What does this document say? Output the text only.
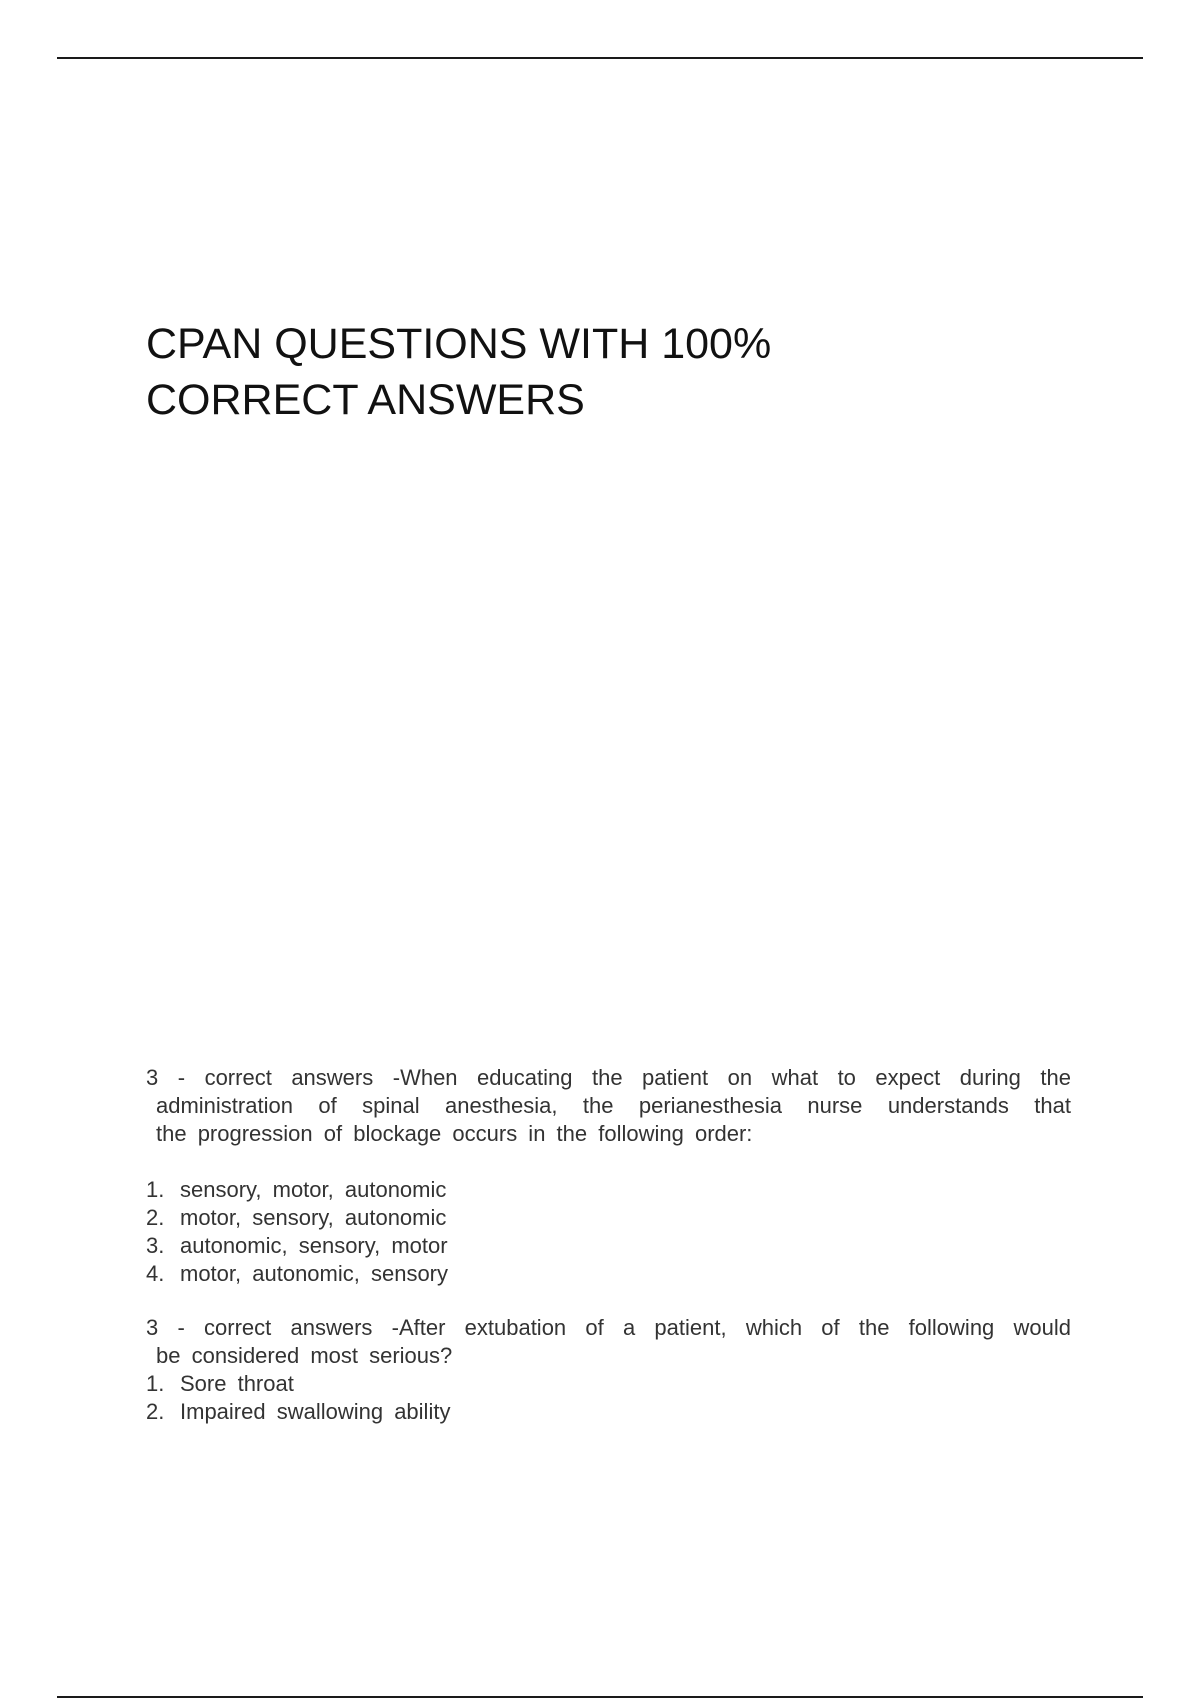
CPAN QUESTIONS WITH 100%
CORRECT ANSWERS

3 - correct answers -When educating the patient on what to expect during the
administration of spinal anesthesia, the perianesthesia nurse understands that
the progression of blockage occurs in the following order:

1. sensory, motor, autonomic
2. motor, sensory, autonomic
3. autonomic, sensory, motor
4. motor, autonomic, sensory

3 - correct answers -After extubation of a patient, which of the following would
be considered most serious?

1. Sore throat
2. Impaired swallowing ability
